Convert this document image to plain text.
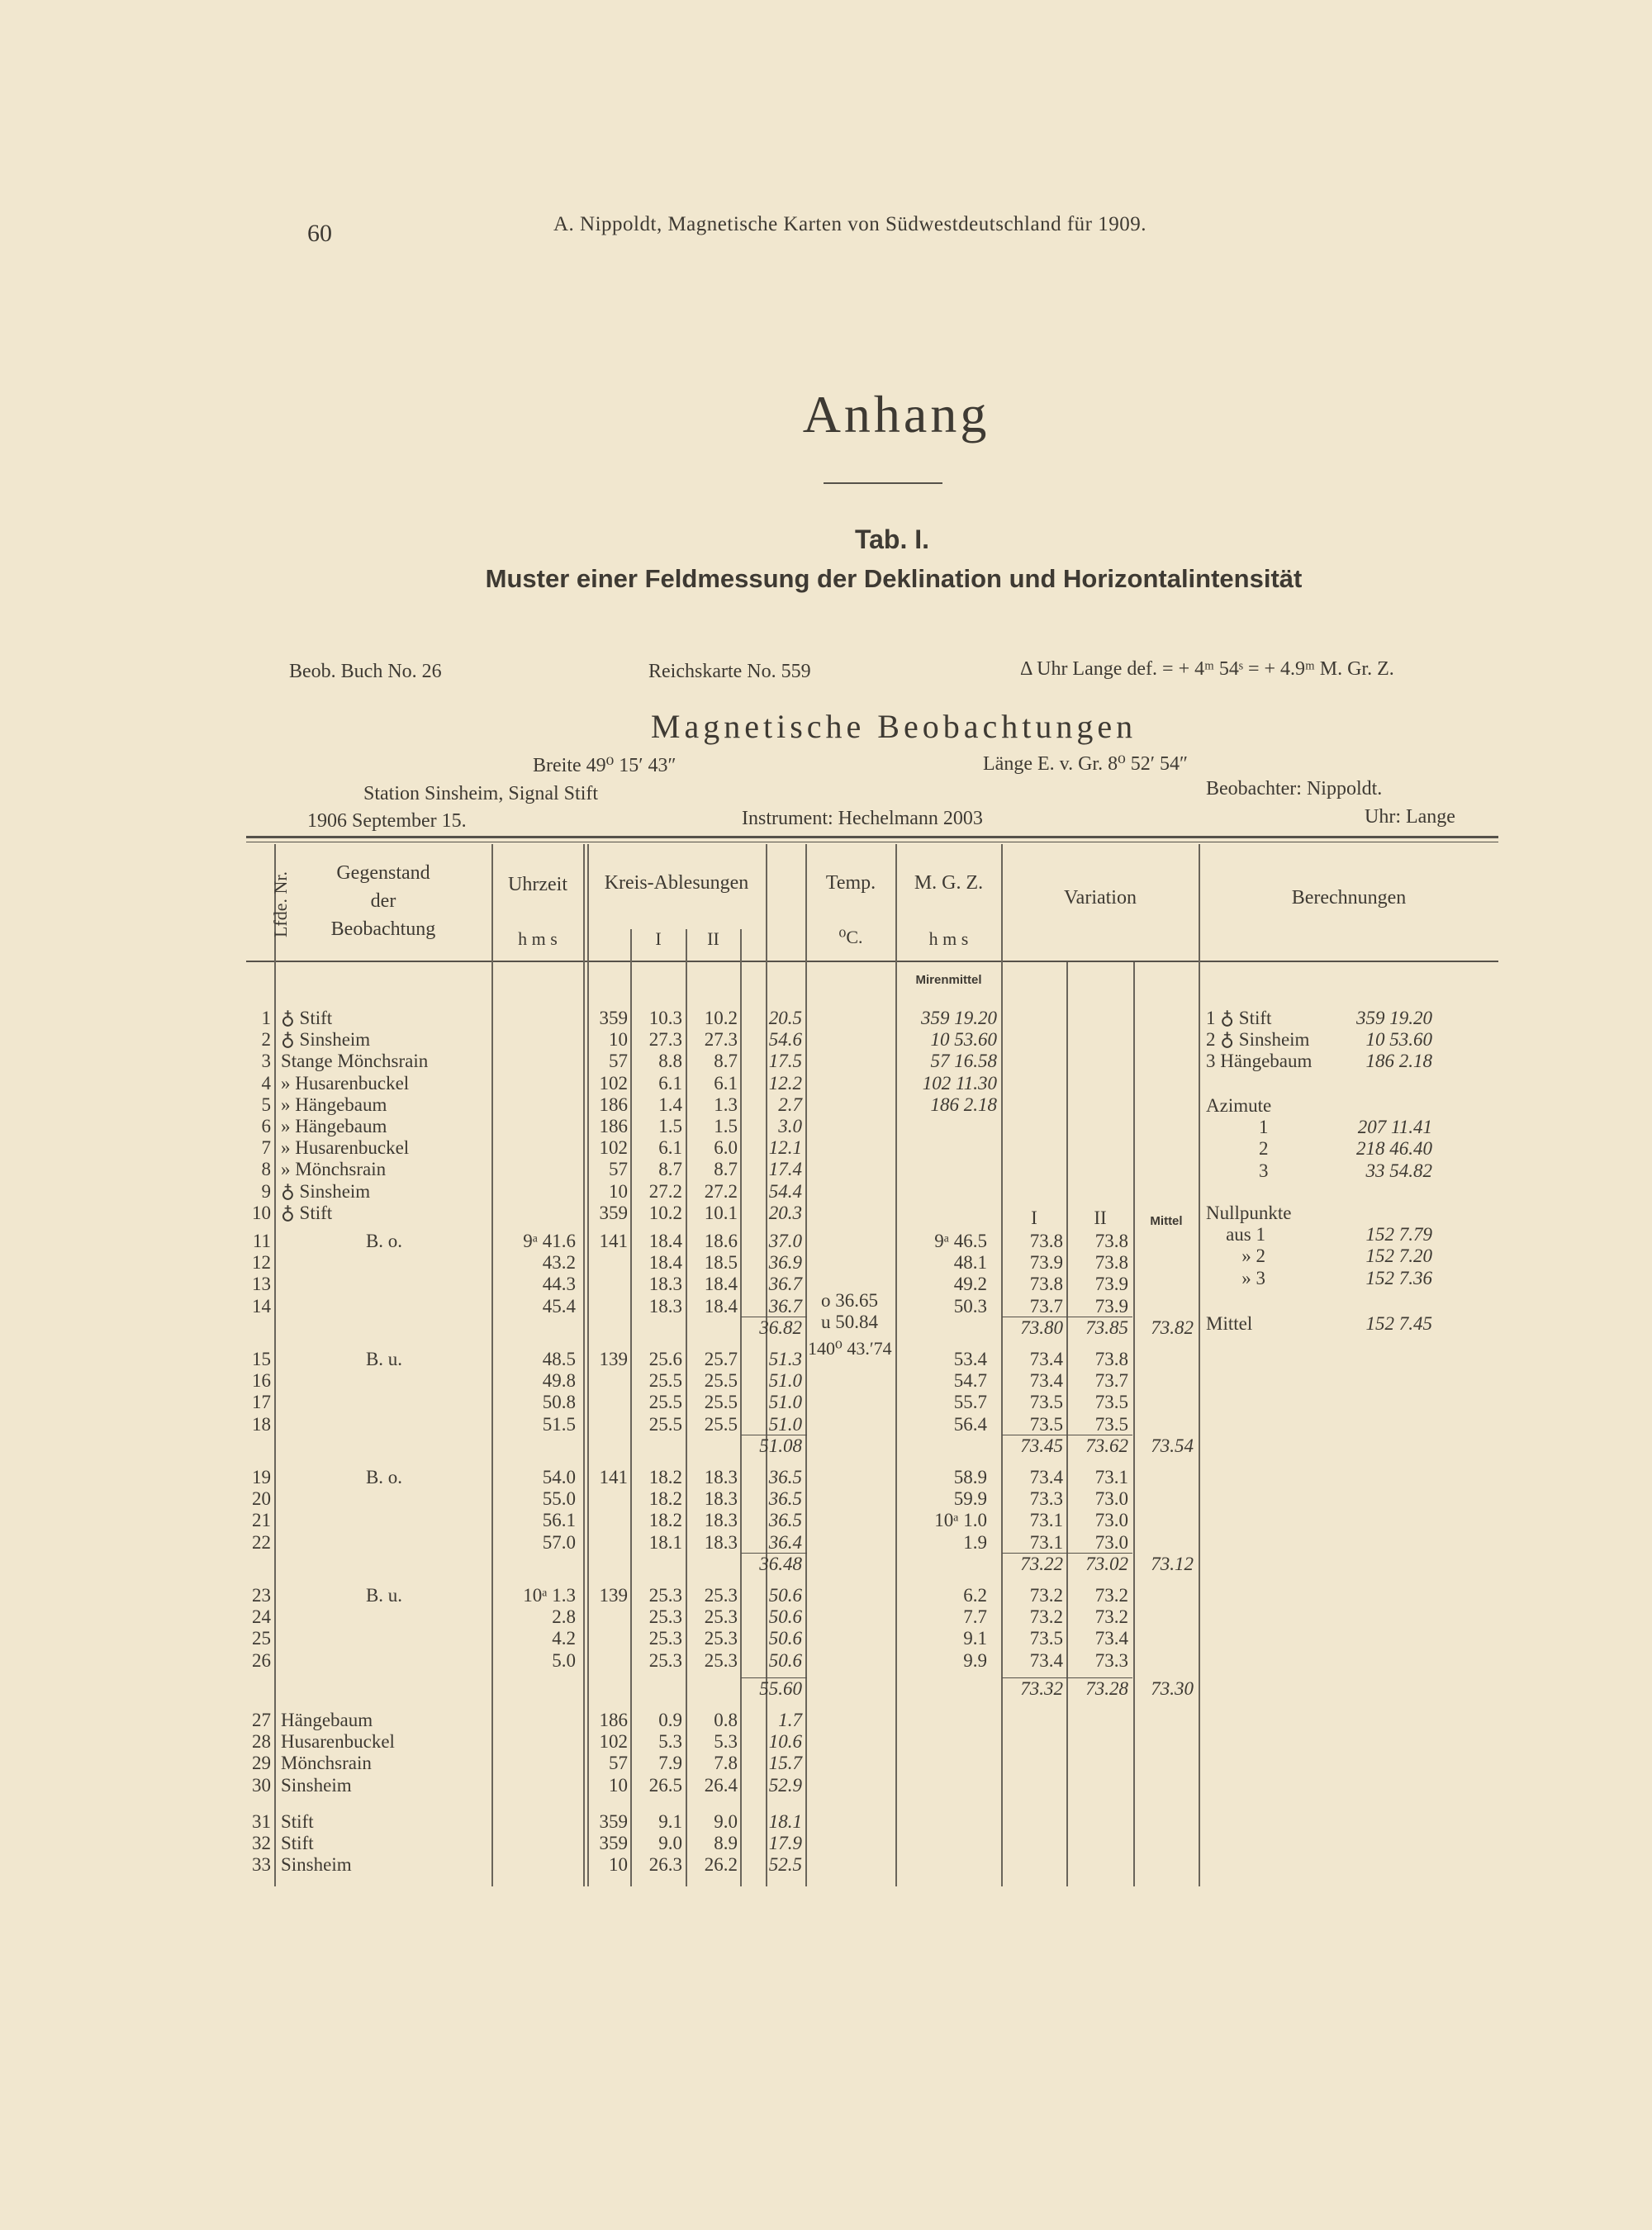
60	A. Nippoldt, Magnetische Karten von Südwestdeutschland für 1909.
Anhang
Tab. I.
Muster einer Feldmessung der Deklination und Horizontalintensität
Beob. Buch No. 26	Reichskarte No. 559	Δ Uhr Lange def. = + 4ᵐ 54ˢ = + 4.9ᵐ M. Gr. Z.
Magnetische Beobachtungen
Breite 49⁰ 15′ 43″	Länge E. v. Gr. 8⁰ 52′ 54″
Station Sinsheim, Signal Stift	Beobachter: Nippoldt.
1906 September 15.	Instrument: Hechelmann 2003	Uhr: Lange
Lfde. Nr.	Gegenstand
der
Beobachtung
Uhrzeit
h m s
Kreis-Ablesungen
I	II
Temp.
⁰C.
M. G. Z.
h m s
Variation	Berechnungen
Mirenmittel
I	II	Mittel
o 36.65
u 50.84
140⁰ 43.′74
1 ♁ Stift	359	10.3	10.2	20.5	359 19.20
2 ♁ Sinsheim	10	27.3	27.3	54.6	10 53.60
3 Stange Mönchsrain	57	8.8	8.7	17.5	57 16.58
4 » Husarenbuckel	102	6.1	6.1	12.2	102 11.30
5 » Hängebaum	186	1.4	1.3	2.7	186 2.18
6 » Hängebaum	186	1.5	1.5	3.0
7 » Husarenbuckel	102	6.1	6.0	12.1
8 » Mönchsrain	57	8.7	8.7	17.4
9 ♁ Sinsheim	10	27.2	27.2	54.4
10 ♁ Stift	359	10.2	10.1	20.3
11	B. o.	9ᵃ 41.6	141	18.4	18.6	37.0	9ᵃ 46.5	73.8	73.8
12	43.2	18.4	18.5	36.9	48.1	73.9	73.8
13	44.3	18.3	18.4	36.7	49.2	73.8	73.9
14	45.4	18.3	18.4	36.7	50.3	73.7	73.9
36.82	73.80	73.85	73.82
15	B. u.	48.5	139	25.6	25.7	51.3	53.4	73.4	73.8
16	49.8	25.5	25.5	51.0	54.7	73.4	73.7
17	50.8	25.5	25.5	51.0	55.7	73.5	73.5
18	51.5	25.5	25.5	51.0	56.4	73.5	73.5
51.08	73.45	73.62	73.54
19	B. o.	54.0	141	18.2	18.3	36.5	58.9	73.4	73.1
20	55.0	18.2	18.3	36.5	59.9	73.3	73.0
21	56.1	18.2	18.3	36.5	10ᵃ 1.0	73.1	73.0
22	57.0	18.1	18.3	36.4	1.9	73.1	73.0
36.48	73.22	73.02	73.12
23	B. u.	10ᵃ 1.3	139	25.3	25.3	50.6	6.2	73.2	73.2
24	2.8	25.3	25.3	50.6	7.7	73.2	73.2
25	4.2	25.3	25.3	50.6	9.1	73.5	73.4
26	5.0	25.3	25.3	50.6	9.9	73.4	73.3
55.60	73.32	73.28	73.30
27 Hängebaum	186	0.9	0.8	1.7
28 Husarenbuckel	102	5.3	5.3	10.6
29 Mönchsrain	57	7.9	7.8	15.7
30 Sinsheim	10	26.5	26.4	52.9
31 Stift	359	9.1	9.0	18.1
32 Stift	359	9.0	8.9	17.9
33 Sinsheim	10	26.3	26.2	52.5
1 ♁ Stift	359 19.20
2 ♁ Sinsheim	10 53.60
3 Hängebaum	186 2.18
Azimute
1	207 11.41
2	218 46.40
3	33 54.82
Nullpunkte
aus 1	152 7.79
» 2	152 7.20
» 3	152 7.36
Mittel	152 7.45
